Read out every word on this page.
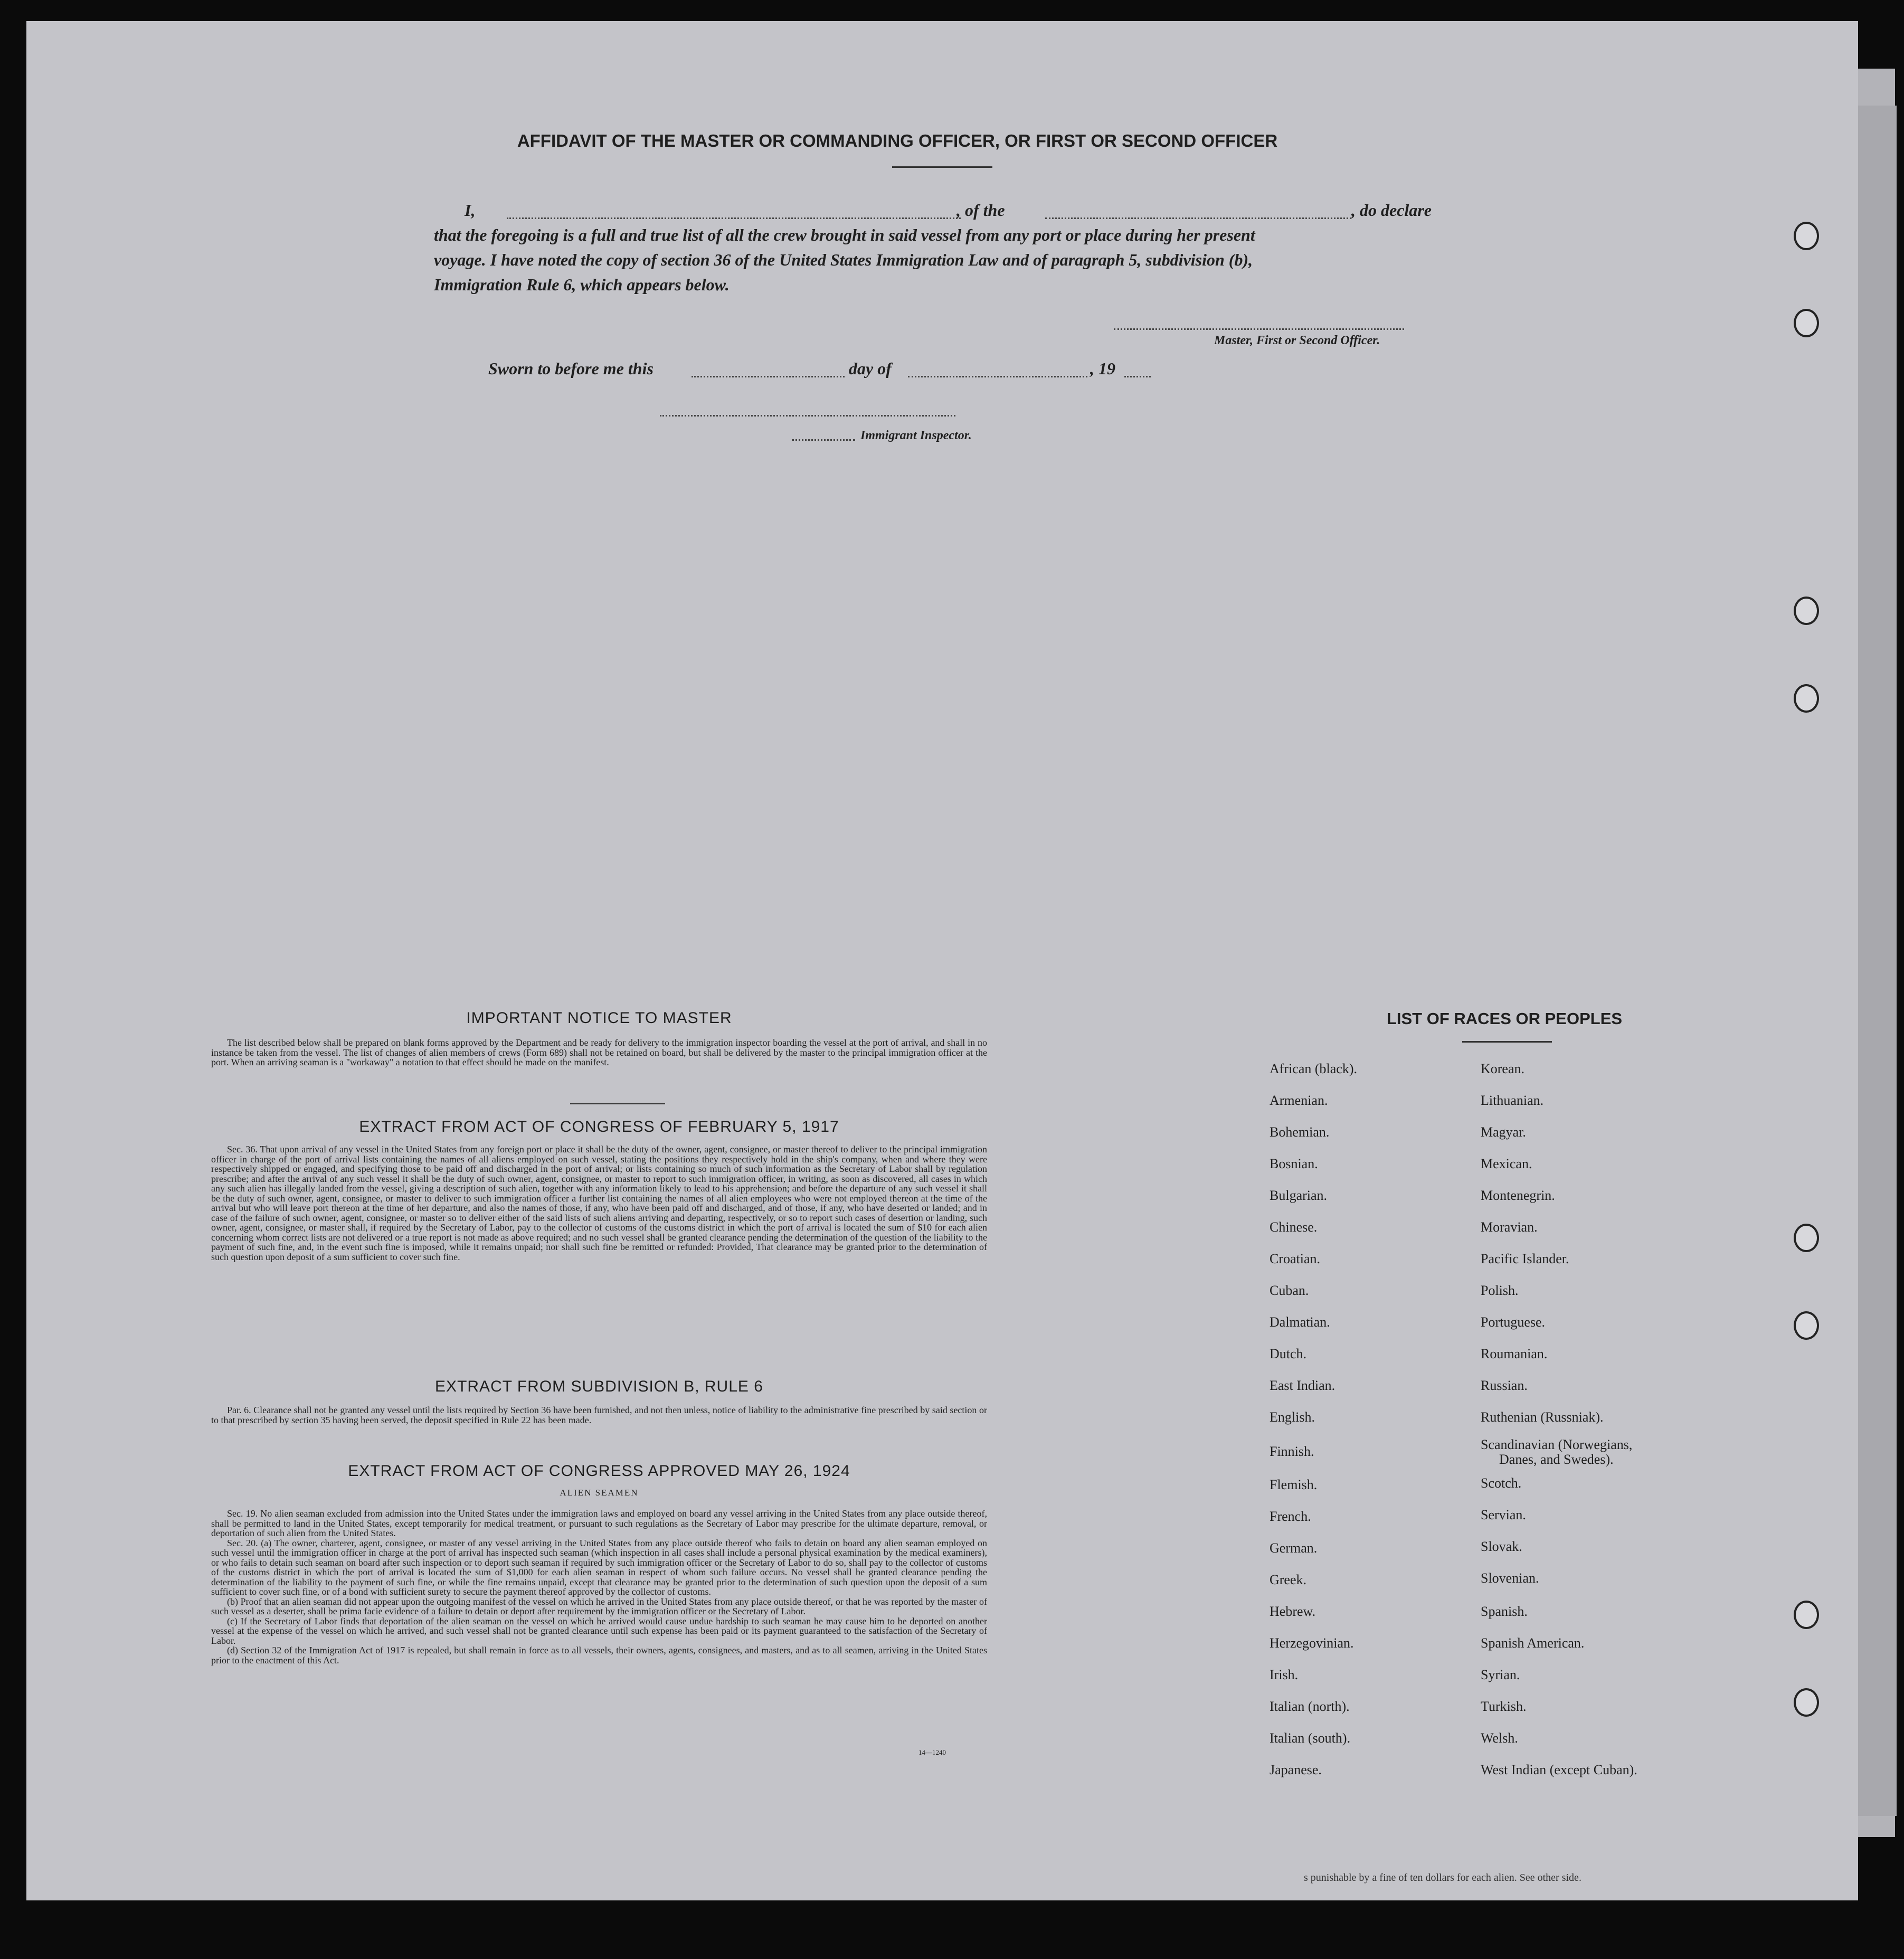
AFFIDAVIT OF THE MASTER OR COMMANDING OFFICER, OR FIRST OR SECOND OFFICER
I,	, of the	, do declare
that the foregoing is a full and true list of all the crew brought in said vessel from any port or place during her present
voyage. I have noted the copy of section 36 of the United States Immigration Law and of paragraph 5, subdivision (b),
Immigration Rule 6, which appears below.
Master, First or Second Officer.
Sworn to before me this	day of	, 19
Immigrant Inspector.
IMPORTANT NOTICE TO MASTER

The list described below shall be prepared on blank forms approved by the Department and be ready for delivery to the immigration inspector boarding the vessel at the port of arrival, and shall in no instance be taken from the vessel. The list of changes of alien members of crews (Form 689) shall not be retained on board, but shall be delivered by the master to the principal immigration officer at the port. When an arriving seaman is a "workaway" a notation to that effect should be made on the manifest.

EXTRACT FROM ACT OF CONGRESS OF FEBRUARY 5, 1917

Sec. 36. That upon arrival of any vessel in the United States from any foreign port or place it shall be the duty of the owner, agent, consignee, or master thereof to deliver to the principal immigration officer in charge of the port of arrival lists containing the names of all aliens employed on such vessel, stating the positions they respectively hold in the ship's company, when and where they were respectively shipped or engaged, and specifying those to be paid off and discharged in the port of arrival; or lists containing so much of such information as the Secretary of Labor shall by regulation prescribe; and after the arrival of any such vessel it shall be the duty of such owner, agent, consignee, or master to report to such immigration officer, in writing, as soon as discovered, all cases in which any such alien has illegally landed from the vessel, giving a description of such alien, together with any information likely to lead to his apprehension; and before the departure of any such vessel it shall be the duty of such owner, agent, consignee, or master to deliver to such immigration officer a further list containing the names of all alien employees who were not employed thereon at the time of the arrival but who will leave port thereon at the time of her departure, and also the names of those, if any, who have been paid off and discharged, and of those, if any, who have deserted or landed; and in case of the failure of such owner, agent, consignee, or master so to deliver either of the said lists of such aliens arriving and departing, respectively, or so to report such cases of desertion or landing, such owner, agent, consignee, or master shall, if required by the Secretary of Labor, pay to the collector of customs of the customs district in which the port of arrival is located the sum of $10 for each alien concerning whom correct lists are not delivered or a true report is not made as above required; and no such vessel shall be granted clearance pending the determination of the question of the liability to the payment of such fine, and, in the event such fine is imposed, while it remains unpaid; nor shall such fine be remitted or refunded: Provided, That clearance may be granted prior to the determination of such question upon deposit of a sum sufficient to cover such fine.

EXTRACT FROM SUBDIVISION B, RULE 6

Par. 6. Clearance shall not be granted any vessel until the lists required by Section 36 have been furnished, and not then unless, notice of liability to the administrative fine prescribed by said section or to that prescribed by section 35 having been served, the deposit specified in Rule 22 has been made.

EXTRACT FROM ACT OF CONGRESS APPROVED MAY 26, 1924
ALIEN SEAMEN

Sec. 19. No alien seaman excluded from admission into the United States under the immigration laws and employed on board any vessel arriving in the United States from any place outside thereof, shall be permitted to land in the United States, except temporarily for medical treatment, or pursuant to such regulations as the Secretary of Labor may prescribe for the ultimate departure, removal, or deportation of such alien from the United States.

Sec. 20. (a) The owner, charterer, agent, consignee, or master of any vessel arriving in the United States from any place outside thereof who fails to detain on board any alien seaman employed on such vessel until the immigration officer in charge at the port of arrival has inspected such seaman (which inspection in all cases shall include a personal physical examination by the medical examiners), or who fails to detain such seaman on board after such inspection or to deport such seaman if required by such immigration officer or the Secretary of Labor to do so, shall pay to the collector of customs of the customs district in which the port of arrival is located the sum of $1,000 for each alien seaman in respect of whom such failure occurs. No vessel shall be granted clearance pending the determination of the liability to the payment of such fine, or while the fine remains unpaid, except that clearance may be granted prior to the determination of such question upon the deposit of a sum sufficient to cover such fine, or of a bond with sufficient surety to secure the payment thereof approved by the collector of customs.

(b) Proof that an alien seaman did not appear upon the outgoing manifest of the vessel on which he arrived in the United States from any place outside thereof, or that he was reported by the master of such vessel as a deserter, shall be prima facie evidence of a failure to detain or deport after requirement by the immigration officer or the Secretary of Labor.

(c) If the Secretary of Labor finds that deportation of the alien seaman on the vessel on which he arrived would cause undue hardship to such seaman he may cause him to be deported on another vessel at the expense of the vessel on which he arrived, and such vessel shall not be granted clearance until such expense has been paid or its payment guaranteed to the satisfaction of the Secretary of Labor.

(d) Section 32 of the Immigration Act of 1917 is repealed, but shall remain in force as to all vessels, their owners, agents, consignees, and masters, and as to all seamen, arriving in the United States prior to the enactment of this Act.

14—1240
LIST OF RACES OR PEOPLES
African (black).
Armenian.
Bohemian.
Bosnian.
Bulgarian.
Chinese.
Croatian.
Cuban.
Dalmatian.
Dutch.
East Indian.
English.
Finnish.
Flemish.
French.
German.
Greek.
Hebrew.
Herzegovinian.
Irish.
Italian (north).
Italian (south).
Japanese.
Korean.
Lithuanian.
Magyar.
Mexican.
Montenegrin.
Moravian.
Pacific Islander.
Polish.
Portuguese.
Roumanian.
Russian.
Ruthenian (Russniak).
Scandinavian (Norwegians,
Danes, and Swedes).
Scotch.
Servian.
Slovak.
Slovenian.
Spanish.
Spanish American.
Syrian.
Turkish.
Welsh.
West Indian (except Cuban).
s punishable by a fine of ten dollars for each alien. See other side.
